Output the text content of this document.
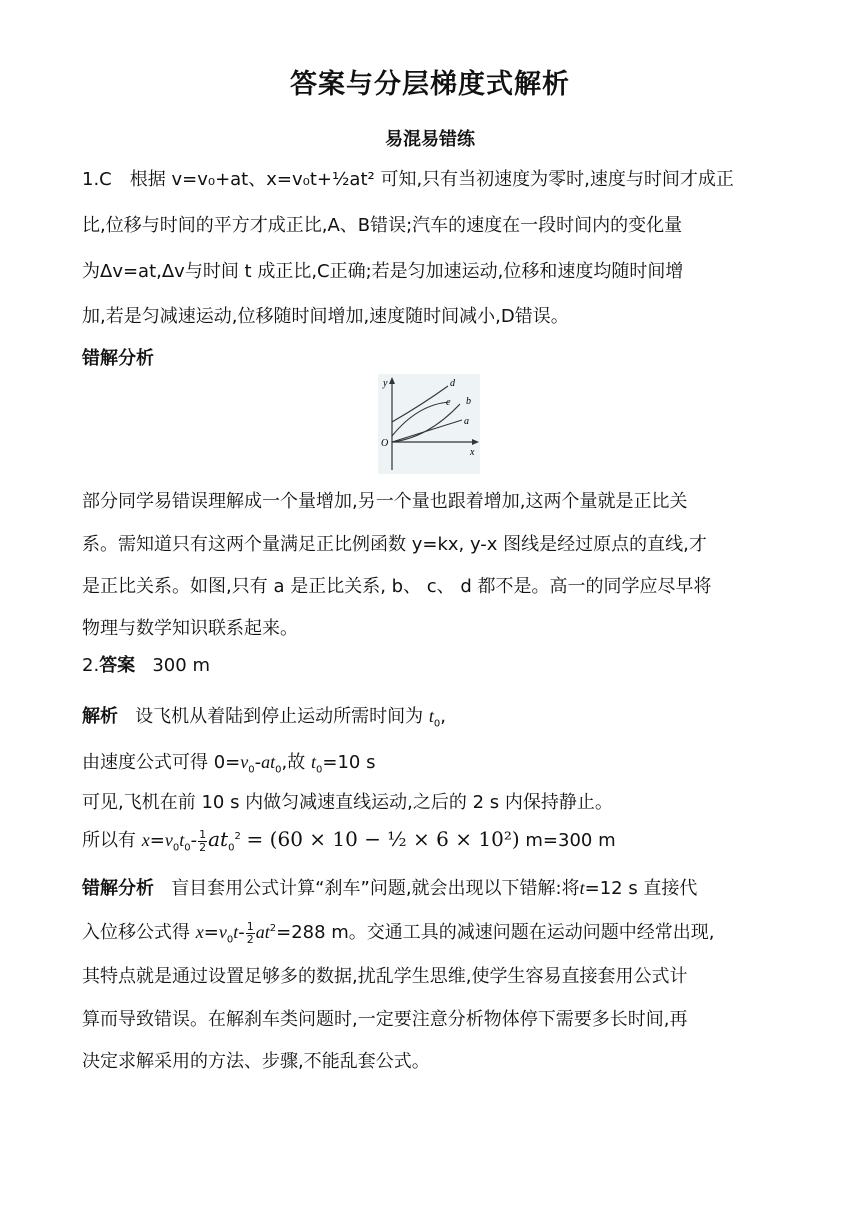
答案与分层梯度式解析
易混易错练
1.C　根据 v=v₀+at、x=v₀t+½at² 可知,只有当初速度为零时,速度与时间才成正
比,位移与时间的平方才成正比,A、B错误;汽车的速度在一段时间内的变化量
为Δv=at,Δv与时间 t 成正比,C正确;若是匀加速运动,位移和速度均随时间增
加,若是匀减速运动,位移随时间增加,速度随时间减小,D错误。
错解分析
y
x
O
d
c b
a
部分同学易错误理解成一个量增加,另一个量也跟着增加,这两个量就是正比关
系。需知道只有这两个量满足正比例函数 y=kx, y-x 图线是经过原点的直线,才
是正比关系。如图,只有 a 是正比关系, b、 c、 d 都不是。高一的同学应尽早将
物理与数学知识联系起来。
2.答案 300 m
解析 设飞机从着陆到停止运动所需时间为 $t_0$,
由速度公式可得 $0=v_0-at_0$,故 $t_0=10$ s
可见,飞机在前 10 s 内做匀减速直线运动,之后的 2 s 内保持静止。
所以有 $x=v_0t_0- \frac{1}{2} at_0^2 = (60 \times 10$ − ½ × 6 × 10²) m=300 m
错解分析 盲目套用公式计算“刹车”问题,就会出现以下错解:将t=12 s 直接代
入位移公式得 $x=v_0t- \frac{1}{2} at^2=288$ m。交通工具的减速问题在运动问题中经常出现,
其特点就是通过设置足够多的数据,扰乱学生思维,使学生容易直接套用公式计
算而导致错误。在解刹车类问题时,一定要注意分析物体停下需要多长时间,再
决定求解采用的方法、步骤,不能乱套公式。
